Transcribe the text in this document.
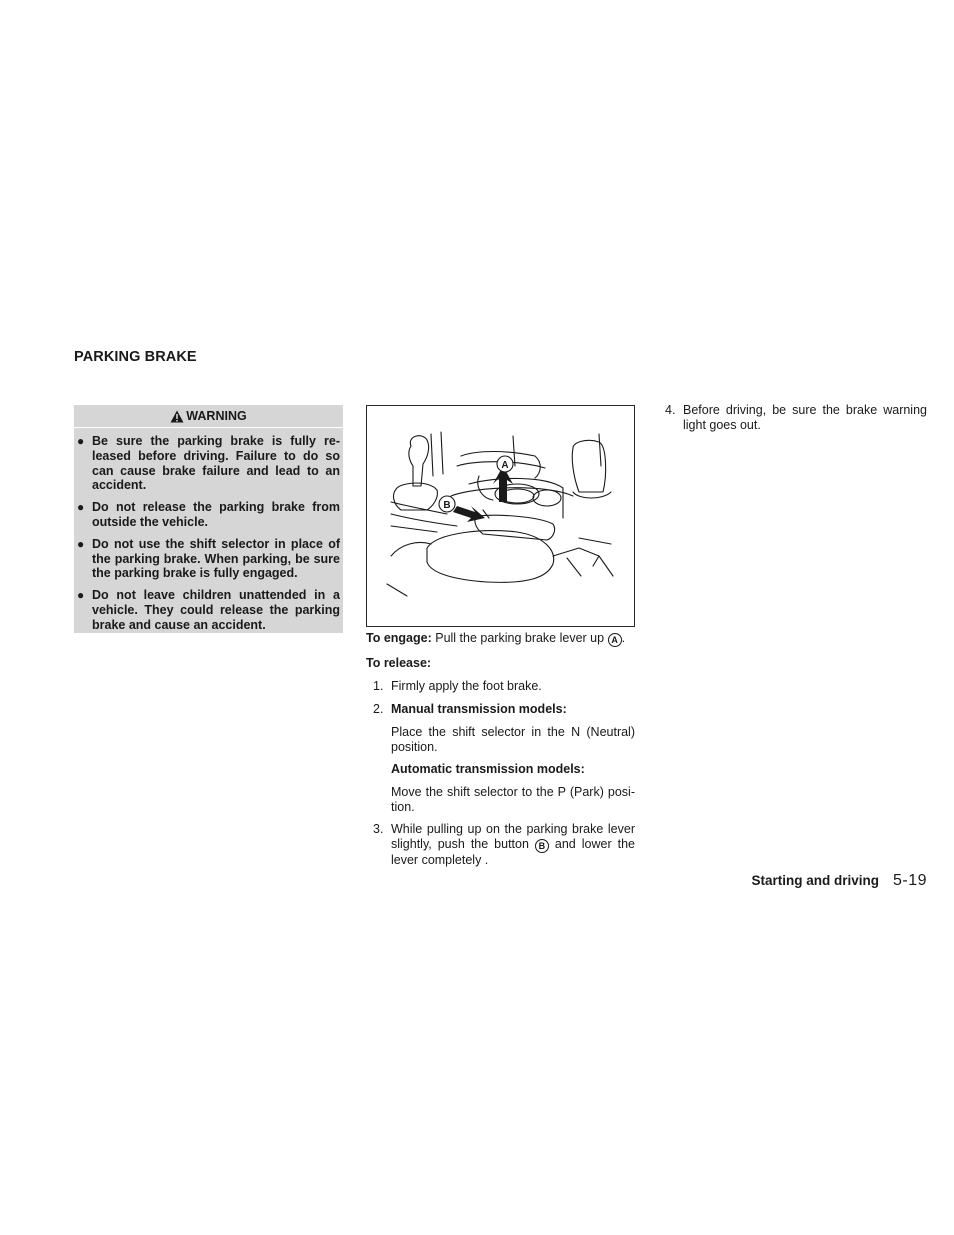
PARKING BRAKE
WARNING
● Be sure the parking brake is fully re-leased before driving. Failure to do so can cause brake failure and lead to an accident.
● Do not release the parking brake from outside the vehicle.
● Do not use the shift selector in place of the parking brake. When parking, be sure the parking brake is fully engaged.
● Do not leave children unattended in a vehicle. They could release the parking brake and cause an accident.
A
B

To engage: Pull the parking brake lever up A .

To release:

1. Firmly apply the foot brake.
2. Manual transmission models:

Place the shift selector in the N (Neutral) position.

Automatic transmission models:

Move the shift selector to the P (Park) posi-tion.

3. While pulling up on the parking brake lever slightly, push the button B and lower the lever completely .
4. Before driving, be sure the brake warning light goes out.
Starting and driving 5-19
